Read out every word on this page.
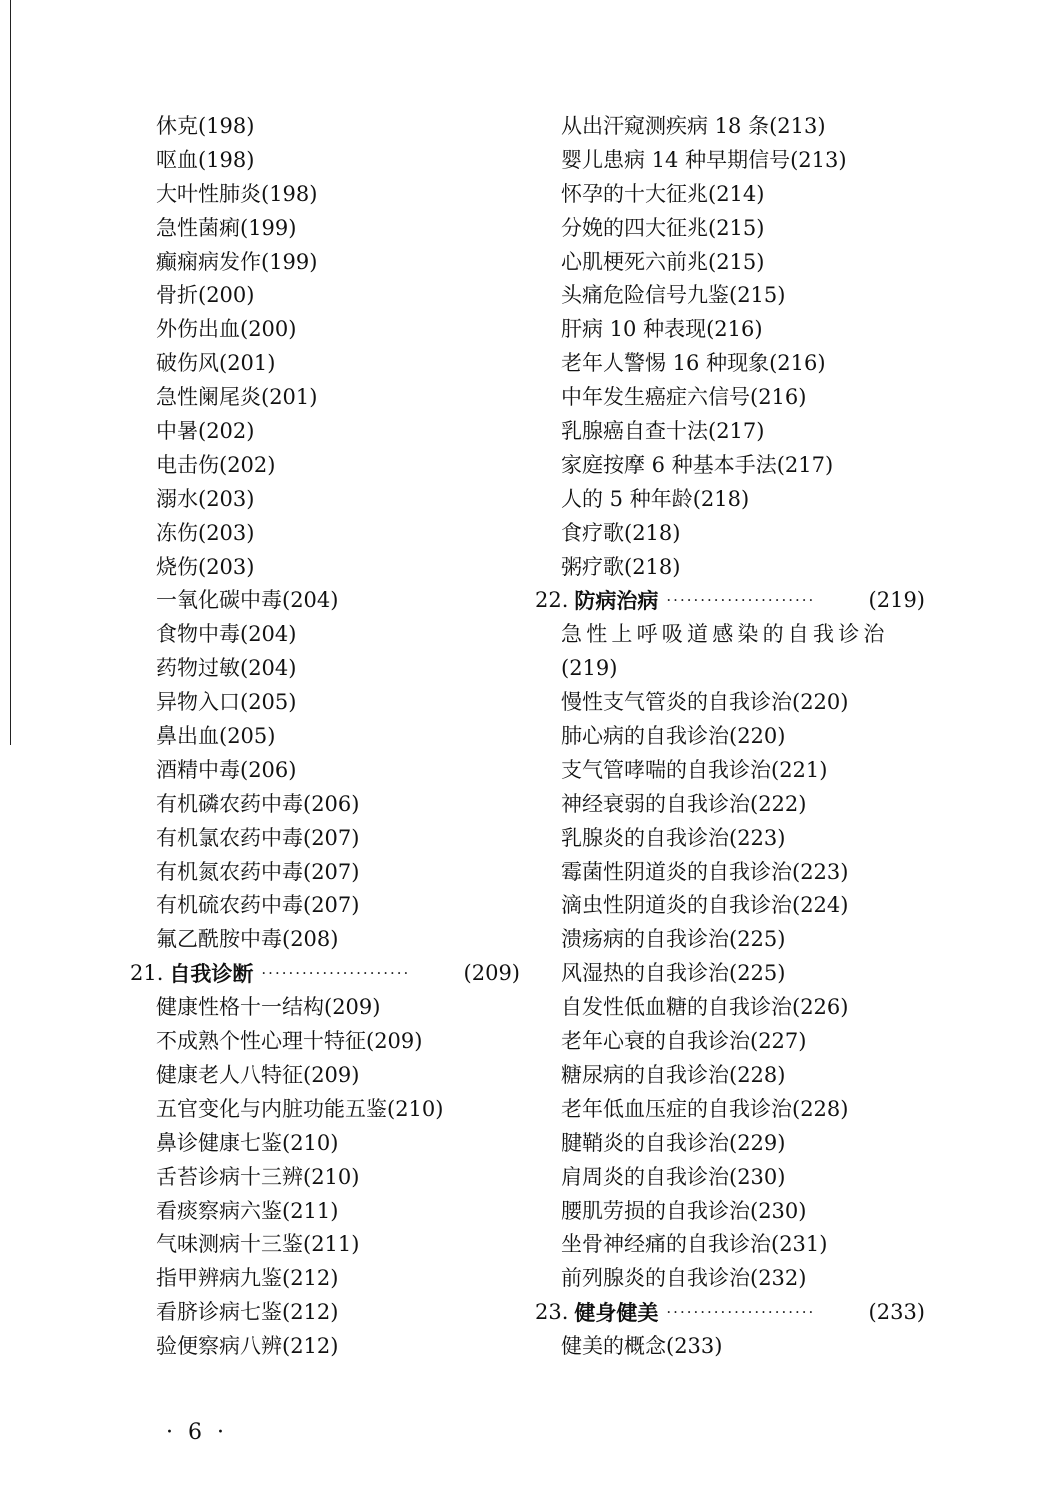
休克(198)
呕血(198)
大叶性肺炎(198)
急性菌痢(199)
癫痫病发作(199)
骨折(200)
外伤出血(200)
破伤风(201)
急性阑尾炎(201)
中暑(202)
电击伤(202)
溺水(203)
冻伤(203)
烧伤(203)
一氧化碳中毒(204)
食物中毒(204)
药物过敏(204)
异物入口(205)
鼻出血(205)
酒精中毒(206)
有机磷农药中毒(206)
有机氯农药中毒(207)
有机氮农药中毒(207)
有机硫农药中毒(207)
氟乙酰胺中毒(208)
21. 自我诊断 ······················	(209)
健康性格十一结构(209)
不成熟个性心理十特征(209)
健康老人八特征(209)
五官变化与内脏功能五鉴(210)
鼻诊健康七鉴(210)
舌苔诊病十三辨(210)
看痰察病六鉴(211)
气味测病十三鉴(211)
指甲辨病九鉴(212)
看脐诊病七鉴(212)
验便察病八辨(212)
从出汗窥测疾病 18 条(213)
婴儿患病 14 种早期信号(213)
怀孕的十大征兆(214)
分娩的四大征兆(215)
心肌梗死六前兆(215)
头痛危险信号九鉴(215)
肝病 10 种表现(216)
老年人警惕 16 种现象(216)
中年发生癌症六信号(216)
乳腺癌自查十法(217)
家庭按摩 6 种基本手法(217)
人的 5 种年龄(218)
食疗歌(218)
粥疗歌(218)
22. 防病治病 ······················	(219)
急性上呼吸道感染的自我诊治
(219)
慢性支气管炎的自我诊治(220)
肺心病的自我诊治(220)
支气管哮喘的自我诊治(221)
神经衰弱的自我诊治(222)
乳腺炎的自我诊治(223)
霉菌性阴道炎的自我诊治(223)
滴虫性阴道炎的自我诊治(224)
溃疡病的自我诊治(225)
风湿热的自我诊治(225)
自发性低血糖的自我诊治(226)
老年心衰的自我诊治(227)
糖尿病的自我诊治(228)
老年低血压症的自我诊治(228)
腱鞘炎的自我诊治(229)
肩周炎的自我诊治(230)
腰肌劳损的自我诊治(230)
坐骨神经痛的自我诊治(231)
前列腺炎的自我诊治(232)
23. 健身健美 ······················	(233)
健美的概念(233)
· 6 ·
